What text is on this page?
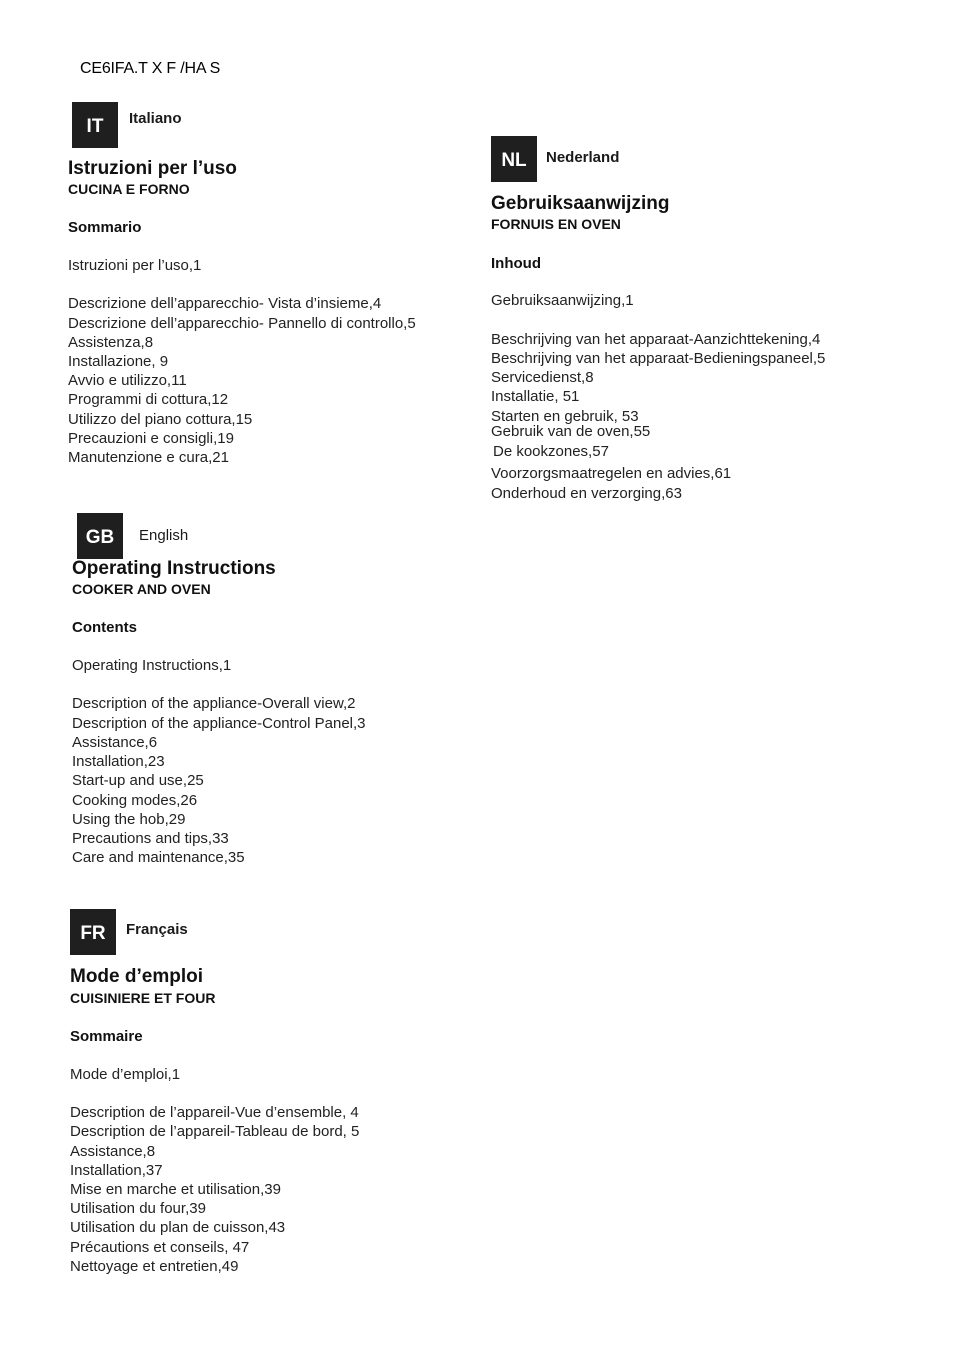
CE6IFA.T X F /HA S
IT	Italiano
Istruzioni per l’uso
CUCINA E FORNO
Sommario
Istruzioni per l’uso,1
Descrizione dell’apparecchio- Vista d’insieme,4
Descrizione dell’apparecchio- Pannello di controllo,5
Assistenza,8
Installazione, 9
Avvio e utilizzo,11
Programmi di cottura,12
Utilizzo del piano cottura,15
Precauzioni e consigli,19
Manutenzione e cura,21
GB	English
Operating Instructions
COOKER AND OVEN
Contents
Operating Instructions,1
Description of the appliance-Overall view,2
Description of the appliance-Control Panel,3
Assistance,6
Installation,23
Start-up and use,25
Cooking modes,26
Using the hob,29
Precautions and tips,33
Care and maintenance,35
FR	Français
Mode d’emploi
CUISINIERE ET FOUR
Sommaire
Mode d’emploi,1
Description de l’appareil-Vue d’ensemble, 4
Description de l’appareil-Tableau de bord, 5
Assistance,8
Installation,37
Mise en marche et utilisation,39
Utilisation du four,39
Utilisation du plan de cuisson,43
Précautions et conseils, 47
Nettoyage et entretien,49
NL	Nederland
Gebruiksaanwijzing
FORNUIS EN OVEN
Inhoud
Gebruiksaanwijzing,1
Beschrijving van het apparaat-Aanzichttekening,4
Beschrijving van het apparaat-Bedieningspaneel,5
Servicedienst,8
Installatie, 51
Starten en gebruik, 53
Gebruik van de oven,55
De kookzones,57
Voorzorgsmaatregelen en advies,61
Onderhoud en verzorging,63
